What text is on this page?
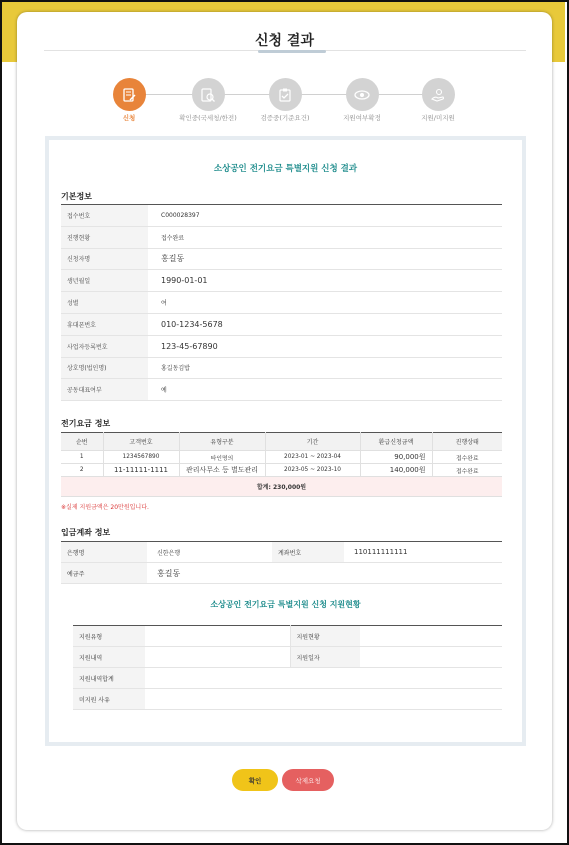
신청 결과
신청	확인중(국세청/한전)	검증중(기준요건)	지원여부확정	지원/미지원
소상공인 전기요금 특별지원 신청 결과
기본정보
접수번호	C000028397
진행현황	접수완료
신청자명	홍길동
생년월일	1990-01-01
성별	여
휴대폰번호	010-1234-5678
사업자등록번호	123-45-67890
상호명(법인명)	홍길동김밥
공동대표여부	예
전기요금 정보
순번	고객번호	유형구분	기간	환급신청금액	진행상태
1	1234567890	타인명의	2023-01 ~ 2023-04	90,000원	접수완료
2	11-11111-1111	관리사무소 등 별도관리	2023-05 ~ 2023-10	140,000원	접수완료
합계: 230,000원					
※실제 지원금액은 20만원입니다.
입금계좌 정보
은행명	신한은행	계좌번호	110111111111
예금주	홍길동		
소상공인 전기요금 특별지원 신청 지원현황
지원유형		지원현황	
지원내역		지원일자	
지원내역합계			
미지원 사유			
확인	삭제요청
